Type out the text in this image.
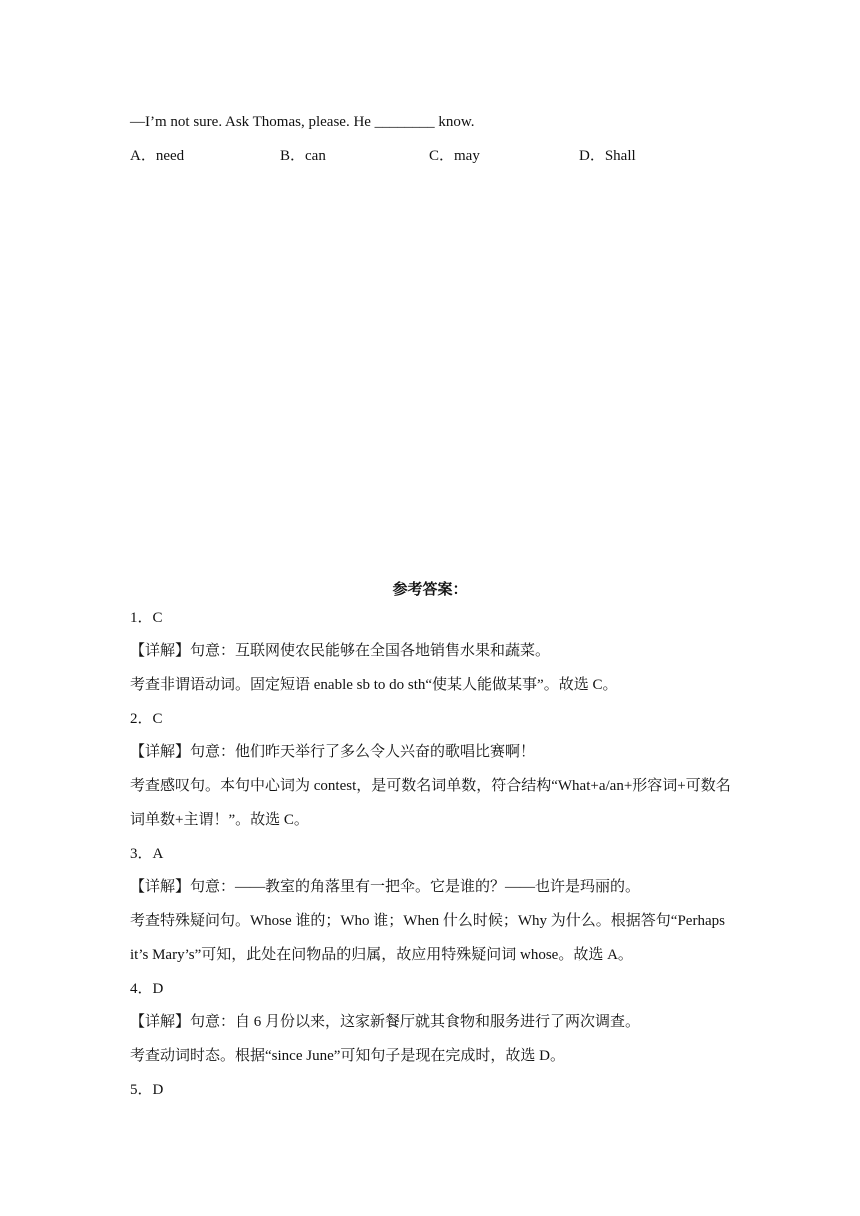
—I’m not sure. Ask Thomas, please. He ________ know.
A．need	B．can	C．may	D．Shall
参考答案：
1．C
【详解】句意：互联网使农民能够在全国各地销售水果和蔬菜。
考查非谓语动词。固定短语 enable sb to do sth“使某人能做某事”。故选 C。
2．C
【详解】句意：他们昨天举行了多么令人兴奋的歌唱比赛啊！
考查感叹句。本句中心词为 contest，是可数名词单数，符合结构“What+a/an+形容词+可数名
词单数+主谓！”。故选 C。
3．A
【详解】句意：——教室的角落里有一把伞。它是谁的？——也许是玛丽的。
考查特殊疑问句。Whose 谁的；Who 谁；When 什么时候；Why 为什么。根据答句“Perhaps
it’s Mary’s”可知，此处在问物品的归属，故应用特殊疑问词 whose。故选 A。
4．D
【详解】句意：自 6 月份以来，这家新餐厅就其食物和服务进行了两次调查。
考查动词时态。根据“since June”可知句子是现在完成时，故选 D。
5．D
